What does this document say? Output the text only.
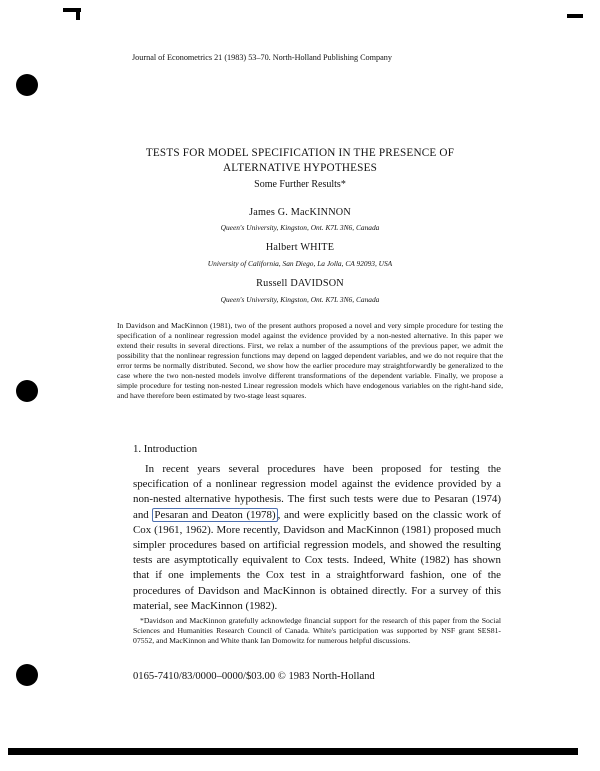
Journal of Econometrics 21 (1983) 53–70. North-Holland Publishing Company
TESTS FOR MODEL SPECIFICATION IN THE PRESENCE OF
ALTERNATIVE HYPOTHESES
Some Further Results*
James G. MacKINNON
Queen's University, Kingston, Ont. K7L 3N6, Canada
Halbert WHITE
University of California, San Diego, La Jolla, CA 92093, USA
Russell DAVIDSON
Queen's University, Kingston, Ont. K7L 3N6, Canada
In Davidson and MacKinnon (1981), two of the present authors proposed a novel and very simple procedure for testing the specification of a nonlinear regression model against the evidence provided by a non-nested alternative. In this paper we extend their results in several directions. First, we relax a number of the assumptions of the previous paper, we admit the possibility that the nonlinear regression functions may depend on lagged dependent variables, and we do not require that the error terms be normally distributed. Second, we show how the earlier procedure may straightforwardly be generalized to the case where the two non-nested models involve different transformations of the dependent variable. Finally, we propose a simple procedure for testing non-nested Linear regression models which have endogenous variables on the right-hand side, and have therefore been estimated by two-stage least squares.
1. Introduction

In recent years several procedures have been proposed for testing the specification of a nonlinear regression model against the evidence provided by a non-nested alternative hypothesis. The first such tests were due to Pesaran (1974) and Pesaran and Deaton (1978) , and were explicitly based on the classic work of Cox (1961, 1962). More recently, Davidson and MacKinnon (1981) proposed much simpler procedures based on artificial regression models, and showed the resulting tests are asymptotically equivalent to Cox tests. Indeed, White (1982) has shown that if one implements the Cox test in a straightforward fashion, one of the procedures of Davidson and MacKinnon is obtained directly. For a survey of this material, see MacKinnon (1982).

*Davidson and MacKinnon gratefully acknowledge financial support for the research of this paper from the Social Sciences and Humanities Research Council of Canada. White's participation was supported by NSF grant SES81-07552, and MacKinnon and White thank Ian Domowitz for numerous helpful discussions.

0165-7410/83/0000–0000/$03.00 © 1983 North-Holland
